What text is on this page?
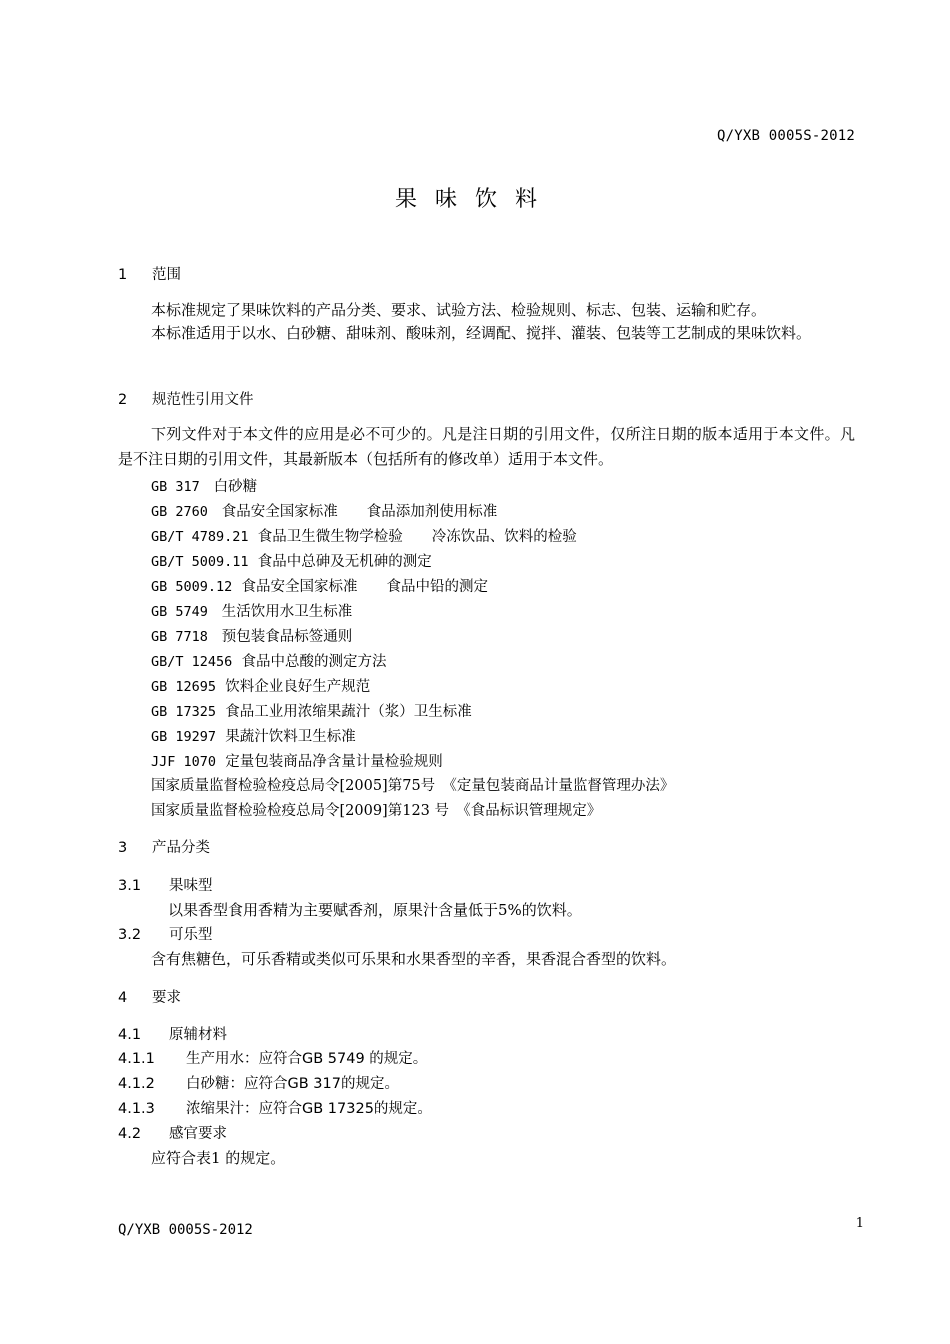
Q/YXB 0005S-2012
果味饮料
1 范围
本标准规定了果味饮料的产品分类、要求、试验方法、检验规则、标志、包装、运输和贮存。
本标准适用于以水、白砂糖、甜味剂、酸味剂，经调配、搅拌、灌装、包装等工艺制成的果味饮料。
2 规范性引用文件
下列文件对于本文件的应用是必不可少的。凡是注日期的引用文件，仅所注日期的版本适用于本文件。凡是不注日期的引用文件，其最新版本（包括所有的修改单）适用于本文件。
GB 317 白砂糖
GB 2760 食品安全国家标准　　食品添加剂使用标准
GB/T 4789.21 食品卫生微生物学检验　　冷冻饮品、饮料的检验
GB/T 5009.11 食品中总砷及无机砷的测定
GB 5009.12 食品安全国家标准　　食品中铅的测定
GB 5749 生活饮用水卫生标准
GB 7718 预包装食品标签通则
GB/T 12456 食品中总酸的测定方法
GB 12695 饮料企业良好生产规范
GB 17325 食品工业用浓缩果蔬汁（浆）卫生标准
GB 19297 果蔬汁饮料卫生标准
JJF 1070 定量包装商品净含量计量检验规则
国家质量监督检验检疫总局令[2005]第75号　《定量包装商品计量监督管理办法》
国家质量监督检验检疫总局令[2009]第123 号　《食品标识管理规定》
3 产品分类
3.1 果味型
以果香型食用香精为主要赋香剂，原果汁含量低于5%的饮料。
3.2 可乐型
含有焦糖色，可乐香精或类似可乐果和水果香型的辛香，果香混合香型的饮料。
4 要求
4.1 原辅材料
4.1.1 生产用水：应符合GB 5749 的规定。
4.1.2 白砂糖：应符合GB 317的规定。
4.1.3 浓缩果汁：应符合GB 17325的规定。
4.2 感官要求
应符合表1 的规定。
Q/YXB 0005S-2012	1
